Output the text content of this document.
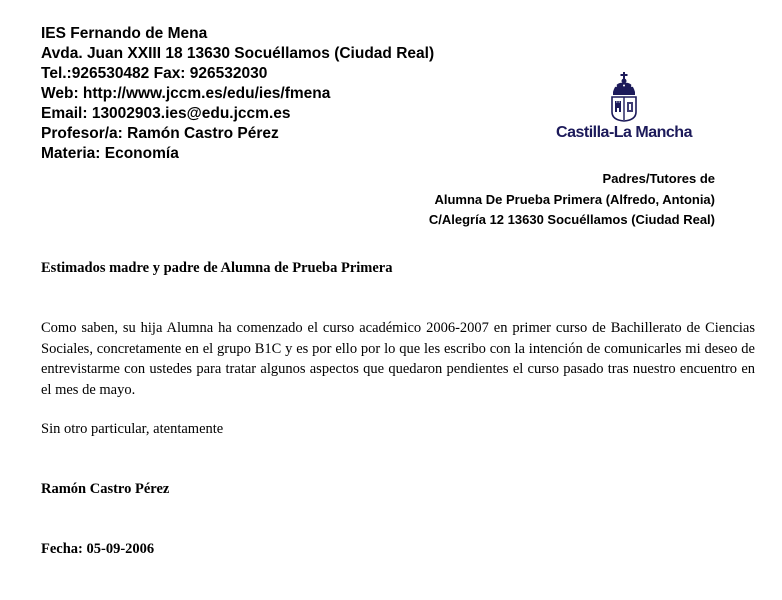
IES Fernando de Mena
Avda. Juan XXIII 18 13630 Socuéllamos (Ciudad Real)
Tel.:926530482 Fax: 926532030
Web: http://www.jccm.es/edu/ies/fmena
Email: 13002903.ies@edu.jccm.es
Profesor/a: Ramón Castro Pérez
Materia: Economía
Castilla-La Mancha
Padres/Tutores de
Alumna De Prueba Primera (Alfredo, Antonia)
C/Alegría 12 13630 Socuéllamos (Ciudad Real)
Estimados madre y padre de Alumna de Prueba Primera
Como saben, su hija Alumna ha comenzado el curso académico 2006-2007 en primer curso de Bachillerato de Ciencias Sociales, concretamente en el grupo B1C y es por ello por lo que les escribo con la intención de comunicarles mi deseo de entrevistarme con ustedes para tratar algunos aspectos que quedaron pendientes el curso pasado tras nuestro encuentro en el mes de mayo.
Sin otro particular, atentamente
Ramón Castro Pérez
Fecha: 05-09-2006
